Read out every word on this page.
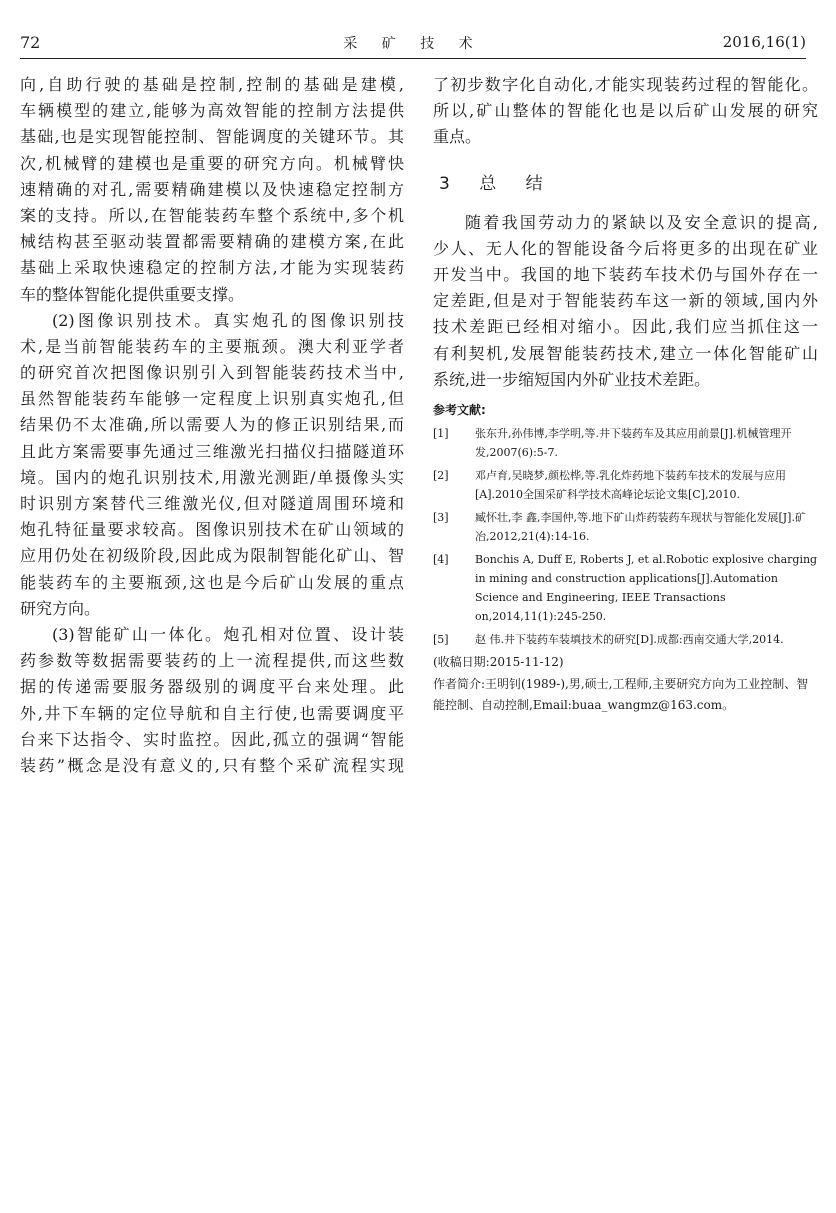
72	采 矿 技 术	2016,16(1)
向,自助行驶的基础是控制,控制的基础是建模,
车辆模型的建立,能够为高效智能的控制方法提供
基础,也是实现智能控制、智能调度的关键环节。其
次,机械臂的建模也是重要的研究方向。机械臂快
速精确的对孔,需要精确建模以及快速稳定控制方
案的支持。所以,在智能装药车整个系统中,多个机
械结构甚至驱动装置都需要精确的建模方案,在此
基础上采取快速稳定的控制方法,才能为实现装药
车的整体智能化提供重要支撑。
(2)图像识别技术。真实炮孔的图像识别技
术,是当前智能装药车的主要瓶颈。澳大利亚学者
的研究首次把图像识别引入到智能装药技术当中,
虽然智能装药车能够一定程度上识别真实炮孔,但
结果仍不太准确,所以需要人为的修正识别结果,而
且此方案需要事先通过三维激光扫描仪扫描隧道环
境。国内的炮孔识别技术,用激光测距/单摄像头实
时识别方案替代三维激光仪,但对隧道周围环境和
炮孔特征量要求较高。图像识别技术在矿山领域的
应用仍处在初级阶段,因此成为限制智能化矿山、智
能装药车的主要瓶颈,这也是今后矿山发展的重点
研究方向。
(3)智能矿山一体化。炮孔相对位置、设计装
药参数等数据需要装药的上一流程提供,而这些数
据的传递需要服务器级别的调度平台来处理。此
外,井下车辆的定位导航和自主行使,也需要调度平
台来下达指令、实时监控。因此,孤立的强调“智能
装药”概念是没有意义的,只有整个采矿流程实现
了初步数字化自动化,才能实现装药过程的智能化。
所以,矿山整体的智能化也是以后矿山发展的研究
重点。
3 总 结
随着我国劳动力的紧缺以及安全意识的提高,
少人、无人化的智能设备今后将更多的出现在矿业
开发当中。我国的地下装药车技术仍与国外存在一
定差距,但是对于智能装药车这一新的领域,国内外
技术差距已经相对缩小。因此,我们应当抓住这一
有利契机,发展智能装药技术,建立一体化智能矿山
系统,进一步缩短国内外矿业技术差距。
参考文献:
[1]	张东升,孙伟博,李学明,等.井下装药车及其应用前景[J].机械管理开发,2007(6):5-7.
[2]	邓卢育,吴晓梦,颜松桦,等.乳化炸药地下装药车技术的发展与应用[A].2010全国采矿科学技术高峰论坛论文集[C],2010.
[3]	臧怀壮,李 鑫,李国仲,等.地下矿山炸药装药车现状与智能化发展[J].矿冶,2012,21(4):14-16.
[4]	Bonchis A, Duff E, Roberts J, et al.Robotic explosive charging in mining and construction applications[J].Automation Science and Engineering, IEEE Transactions on,2014,11(1):245-250.
[5]	赵 伟.井下装药车装填技术的研究[D].成都:西南交通大学,2014.
(收稿日期:2015-11-12)
作者简介:王明钊(1989-),男,硕士,工程师,主要研究方向为工业控制、智能控制、自动控制,Email:buaa_wangmz@163.com。
